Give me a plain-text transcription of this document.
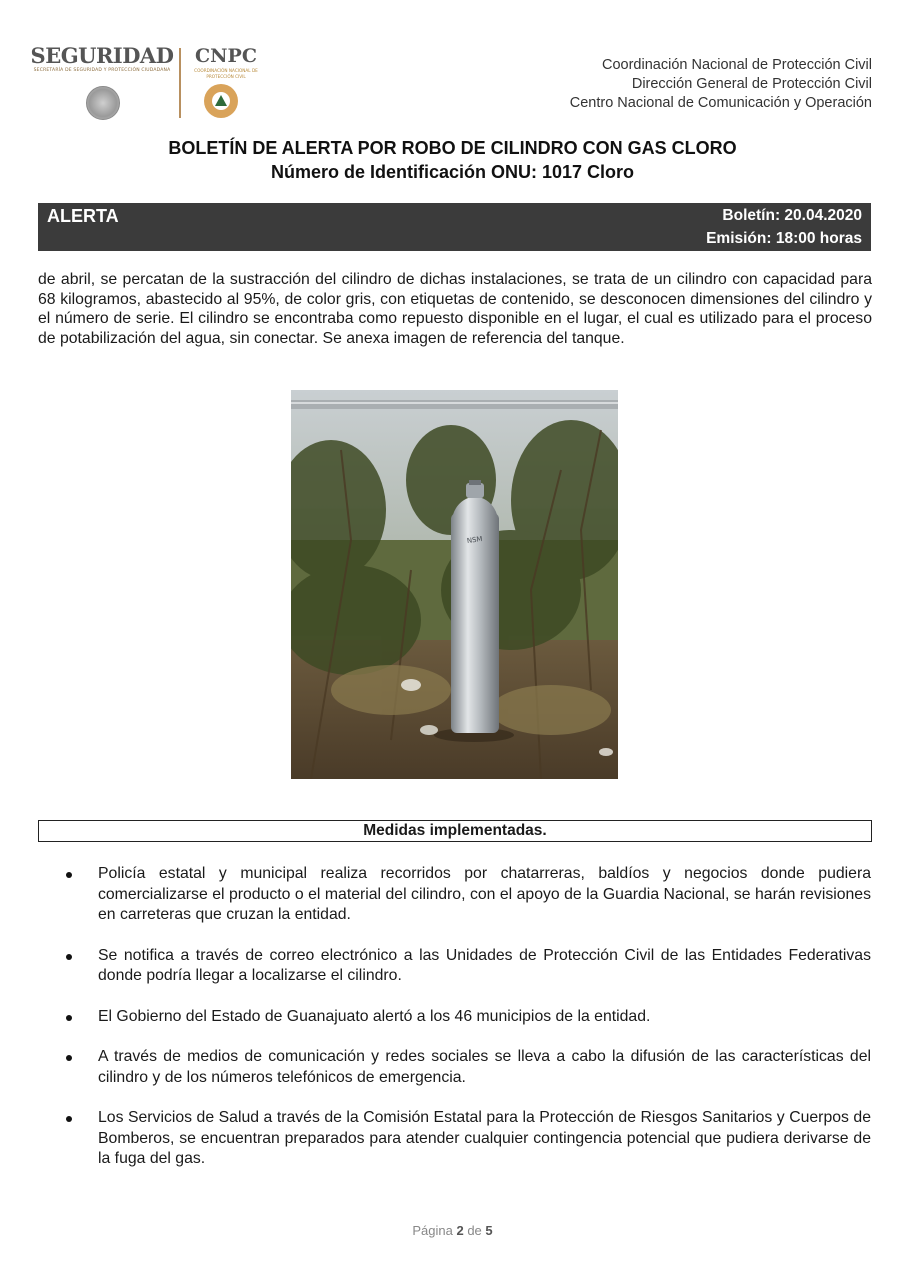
SEGURIDAD
SECRETARÍA DE SEGURIDAD Y PROTECCIÓN CIUDADANA
CNPC
COORDINACIÓN NACIONAL DE PROTECCIÓN CIVIL
Coordinación Nacional de Protección Civil
Dirección General de Protección Civil
Centro Nacional de Comunicación y Operación
BOLETÍN DE ALERTA POR ROBO DE CILINDRO CON GAS CLORO
Número de Identificación ONU: 1017 Cloro
ALERTA	Boletín: 20.04.2020
Emisión: 18:00 horas
de abril, se percatan de la sustracción del cilindro de dichas instalaciones, se trata de un cilindro con capacidad para 68 kilogramos, abastecido al 95%, de color gris, con etiquetas de contenido, se desconocen dimensiones del cilindro y el número de serie. El cilindro se encontraba como repuesto disponible en el lugar, el cual es utilizado para el proceso de potabilización del agua, sin conectar. Se anexa imagen de referencia del tanque.
NSM
Medidas implementadas.
Policía estatal y municipal realiza recorridos por chatarreras, baldíos y negocios donde pudiera comercializarse el producto o el material del cilindro, con el apoyo de la Guardia Nacional, se harán revisiones en carreteras que cruzan la entidad.
Se notifica a través de correo electrónico a las Unidades de Protección Civil de las Entidades Federativas donde podría llegar a localizarse el cilindro.
El Gobierno del Estado de Guanajuato alertó a los 46 municipios de la entidad.
A través de medios de comunicación y redes sociales se lleva a cabo la difusión de las características del cilindro y de los números telefónicos de emergencia.
Los Servicios de Salud a través de la Comisión Estatal para la Protección de Riesgos Sanitarios y Cuerpos de Bomberos, se encuentran preparados para atender cualquier contingencia potencial que pudiera derivarse de la fuga del gas.
Página 2 de 5
